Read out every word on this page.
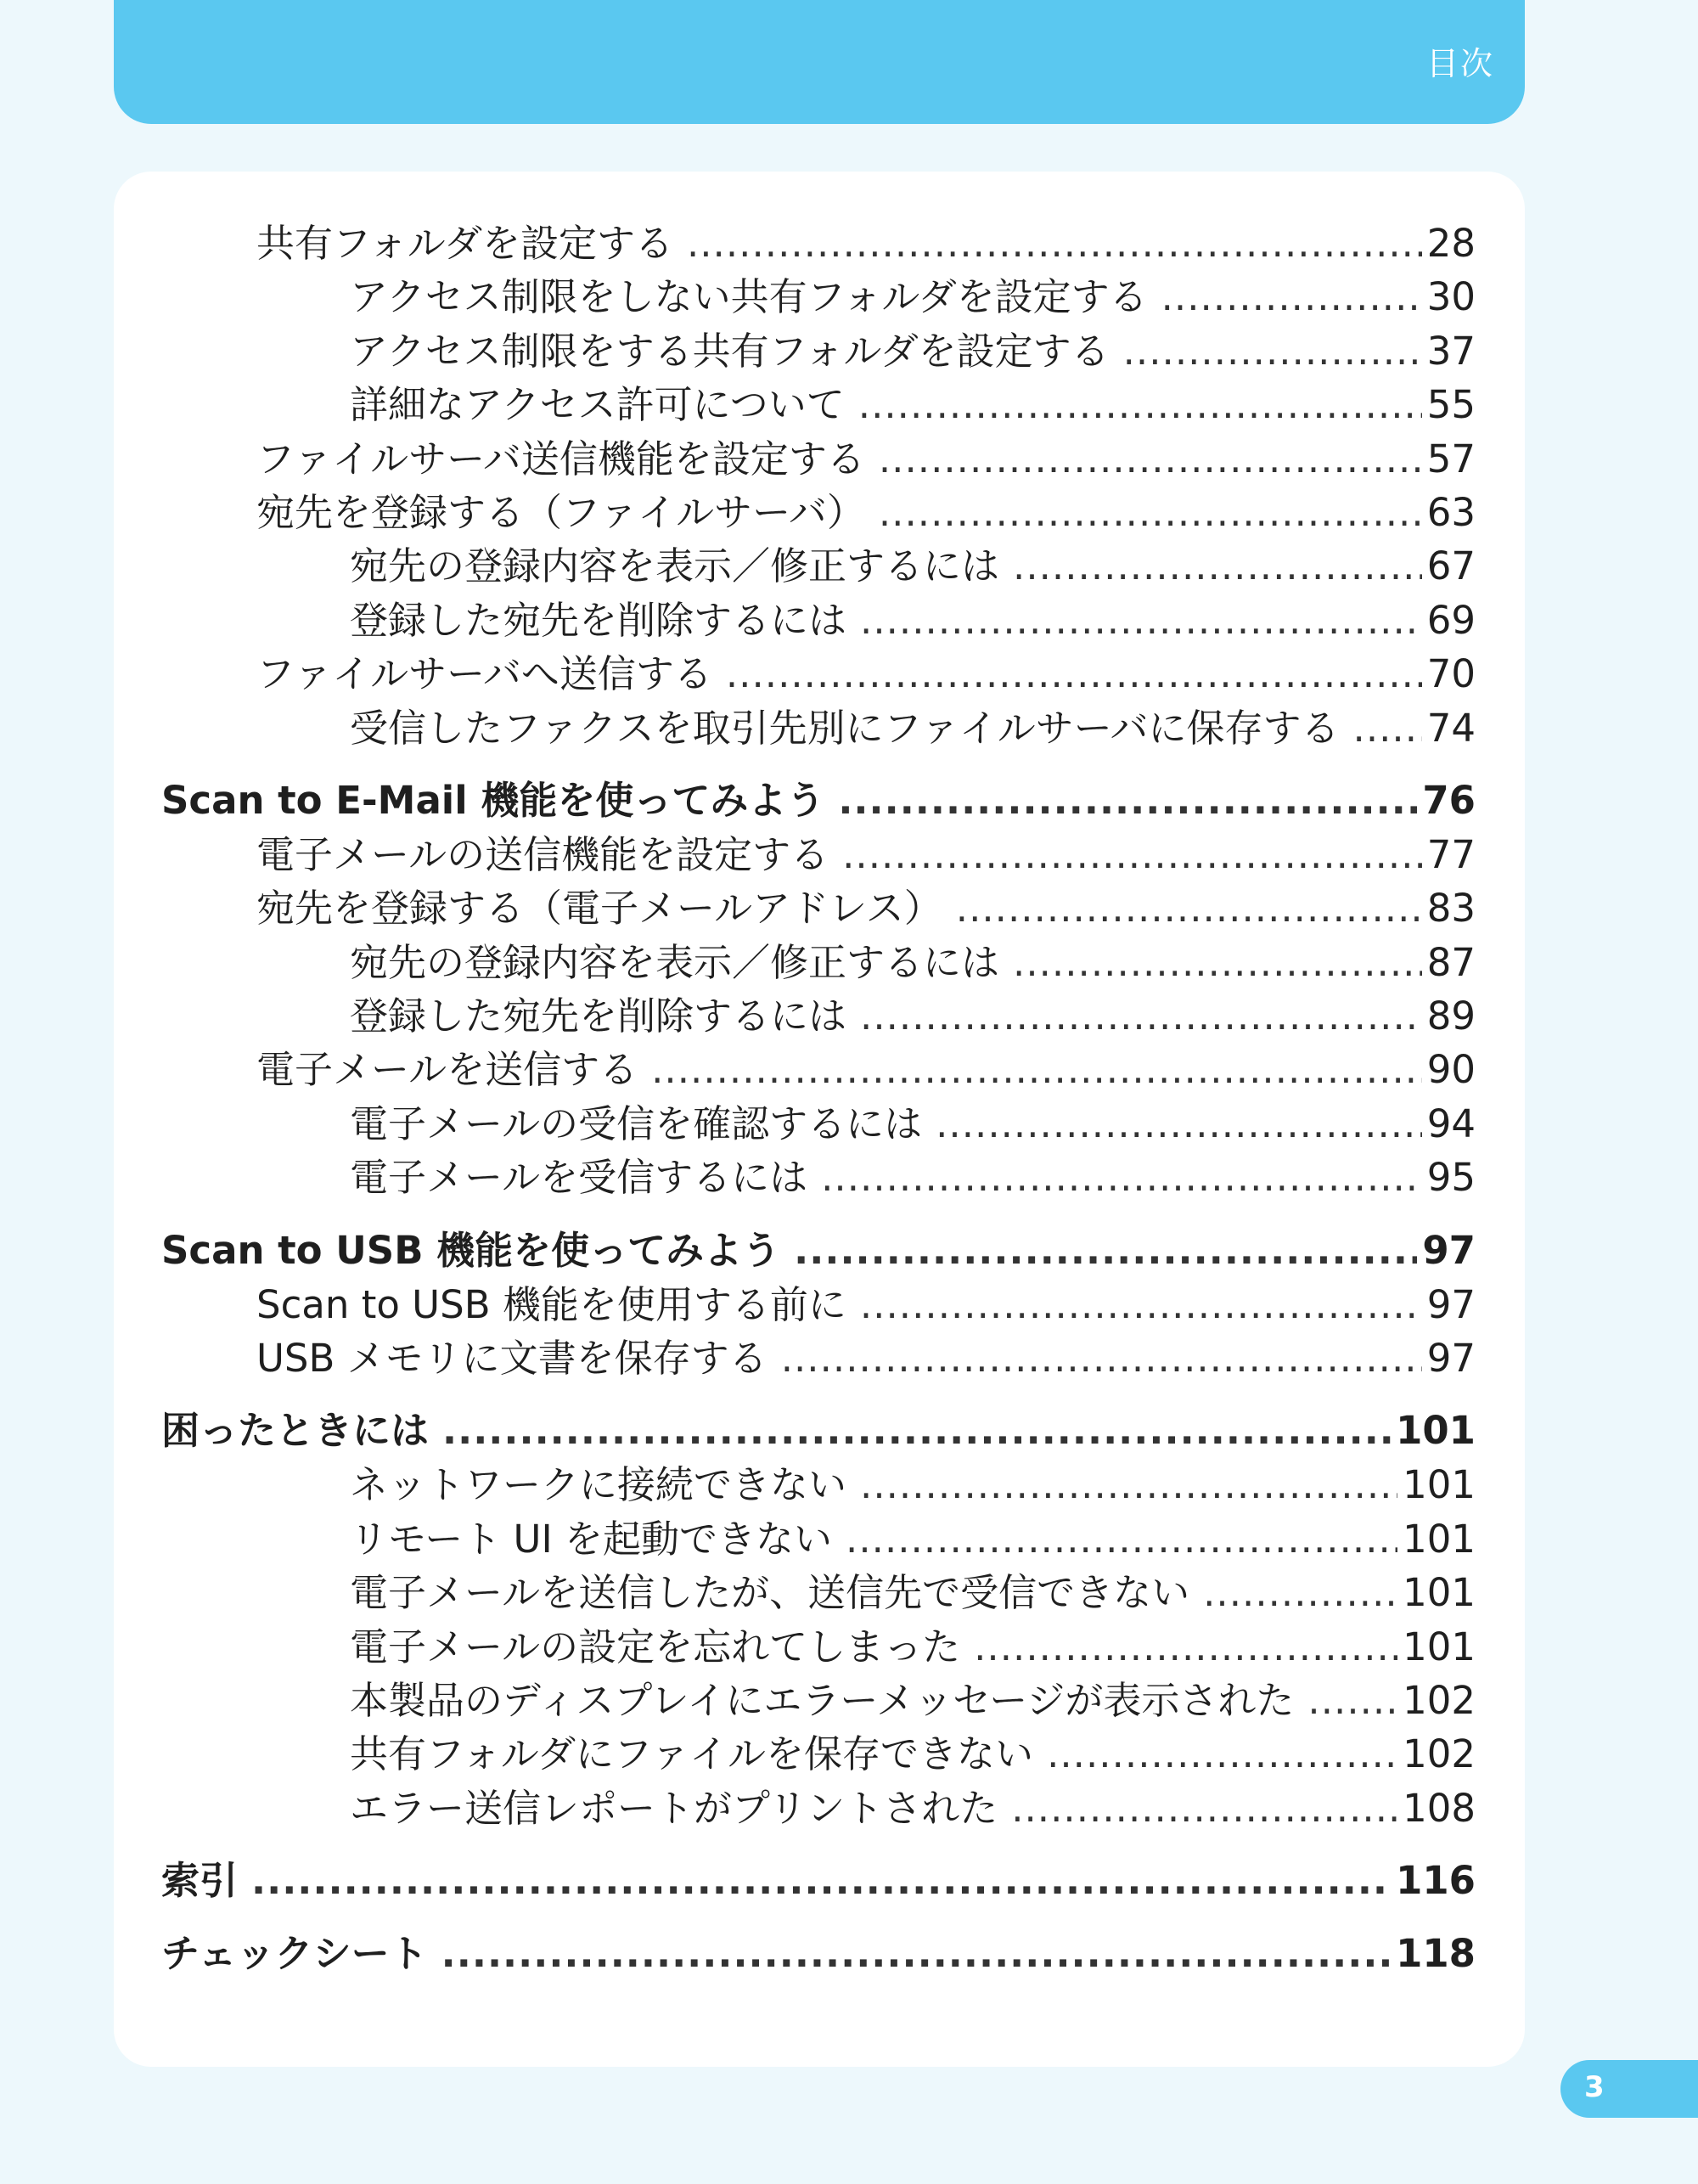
目次
共有フォルダを設定する .....	28
アクセス制限をしない共有フォルダを設定する .....	30
アクセス制限をする共有フォルダを設定する .....	37
詳細なアクセス許可について .....	55
ファイルサーバ送信機能を設定する .....	57
宛先を登録する（ファイルサーバ） .....	63
宛先の登録内容を表示／修正するには .....	67
登録した宛先を削除するには .....	69
ファイルサーバへ送信する .....	70
受信したファクスを取引先別にファイルサーバに保存する ..... 74
Scan to E-Mail 機能を使ってみよう .....	76
電子メールの送信機能を設定する .....	77
宛先を登録する（電子メールアドレス） .....	83
宛先の登録内容を表示／修正するには .....	87
登録した宛先を削除するには .....	89
電子メールを送信する .....	90
電子メールの受信を確認するには .....	94
電子メールを受信するには .....	95
Scan to USB 機能を使ってみよう .....	97
Scan to USB 機能を使用する前に .....	97
USB メモリに文書を保存する .....	97
困ったときには .....	101
ネットワークに接続できない .....	101
リモート UI を起動できない .....	101
電子メールを送信したが、送信先で受信できない .....	101
電子メールの設定を忘れてしまった .....	101
本製品のディスプレイにエラーメッセージが表示された .....	102
共有フォルダにファイルを保存できない .....	102
エラー送信レポートがプリントされた .....	108
索引 .....	116
チェックシート .....	118
3
